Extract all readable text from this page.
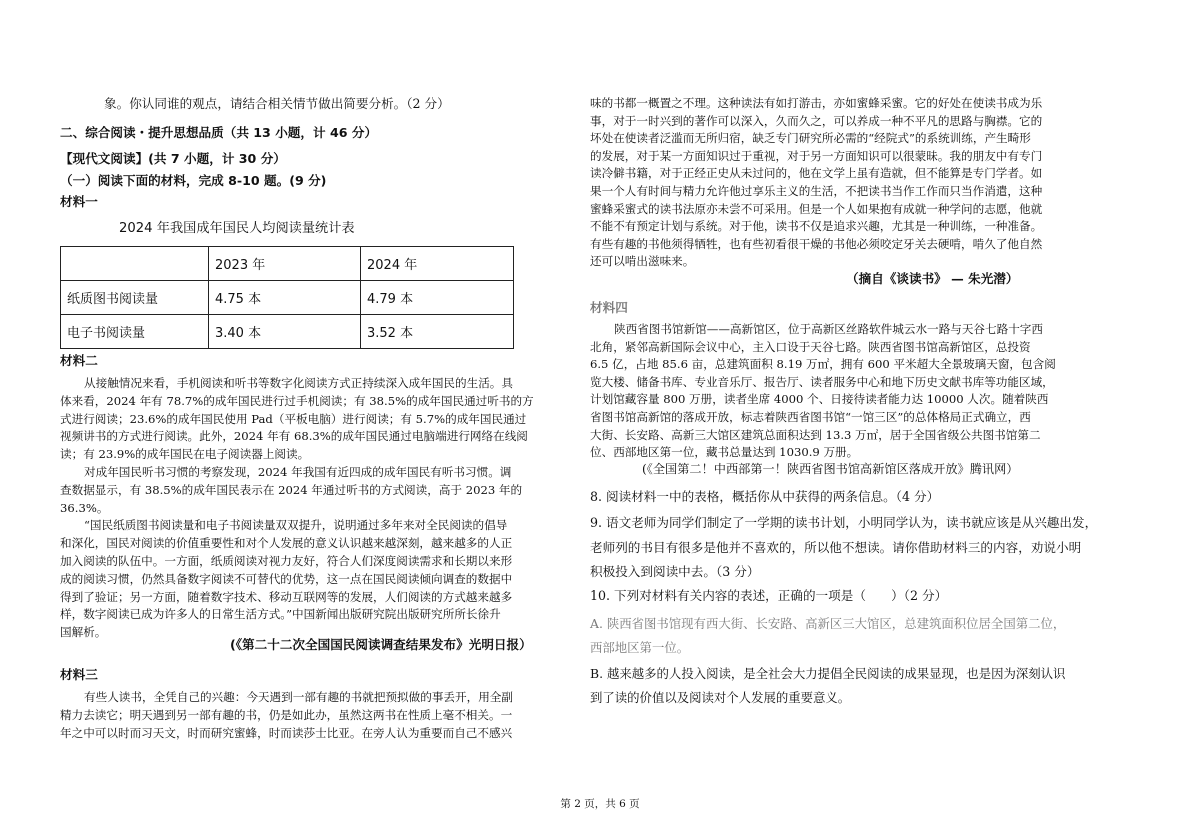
象。你认同谁的观点，请结合相关情节做出简要分析。（2 分）
二、综合阅读・提升思想品质（共 13 小题，计 46 分）
【现代文阅读】(共 7 小题，计 30 分）
（一）阅读下面的材料，完成 8-10 题。(9 分)
材料一
2024 年我国成年国民人均阅读量统计表
	2023 年	2024 年
纸质图书阅读量	4.75 本	4.79 本
电子书阅读量	3.40 本	3.52 本
材料二
从接触情况来看，手机阅读和听书等数字化阅读方式正持续深入成年国民的生活。具
体来看，2024 年有 78.7%的成年国民进行过手机阅读；有 38.5%的成年国民通过听书的方
式进行阅读；23.6%的成年国民使用 Pad（平板电脑）进行阅读；有 5.7%的成年国民通过
视频讲书的方式进行阅读。此外，2024 年有 68.3%的成年国民通过电脑端进行网络在线阅
读；有 23.9%的成年国民在电子阅读器上阅读。
对成年国民听书习惯的考察发现，2024 年我国有近四成的成年国民有听书习惯。调
查数据显示，有 38.5%的成年国民表示在 2024 年通过听书的方式阅读，高于 2023 年的
36.3%。
“国民纸质图书阅读量和电子书阅读量双双提升，说明通过多年来对全民阅读的倡导
和深化，国民对阅读的价值重要性和对个人发展的意义认识越来越深刻，越来越多的人正
加入阅读的队伍中。一方面，纸质阅读对视力友好，符合人们深度阅读需求和长期以来形
成的阅读习惯，仍然具备数字阅读不可替代的优势，这一点在国民阅读倾向调查的数据中
得到了验证；另一方面，随着数字技术、移动互联网等的发展，人们阅读的方式越来越多
样，数字阅读已成为许多人的日常生活方式。”中国新闻出版研究院出版研究所所长徐升
国解析。
(《第二十二次全国国民阅读调查结果发布》光明日报）
材料三
有些人读书，全凭自己的兴趣：今天遇到一部有趣的书就把预拟做的事丢开，用全副
精力去读它；明天遇到另一部有趣的书，仍是如此办，虽然这两书在性质上毫不相关。一
年之中可以时而习天文，时而研究蜜蜂，时而读莎士比亚。在旁人认为重要而自己不感兴
味的书都一概置之不理。这种读法有如打游击，亦如蜜蜂采蜜。它的好处在使读书成为乐
事，对于一时兴到的著作可以深入，久而久之，可以养成一种不平凡的思路与胸襟。它的
坏处在使读者泛滥而无所归宿，缺乏专门研究所必需的“经院式”的系统训练，产生畸形
的发展，对于某一方面知识过于重视，对于另一方面知识可以很蒙昧。我的朋友中有专门
读冷僻书籍，对于正经正史从未过问的，他在文学上虽有造就，但不能算是专门学者。如
果一个人有时间与精力允许他过享乐主义的生活，不把读书当作工作而只当作消遣，这种
蜜蜂采蜜式的读书法原亦未尝不可采用。但是一个人如果抱有成就一种学问的志愿，他就
不能不有预定计划与系统。对于他，读书不仅是追求兴趣，尤其是一种训练，一种准备。
有些有趣的书他须得牺牲，也有些初看很干燥的书他必须咬定牙关去硬啃，啃久了他自然
还可以啃出滋味来。
（摘自《谈读书》 — 朱光潜）
材料四
陕西省图书馆新馆——高新馆区，位于高新区丝路软件城云水一路与天谷七路十字西
北角，紧邻高新国际会议中心，主入口设于天谷七路。陕西省图书馆高新馆区，总投资
6.5 亿，占地 85.6 亩，总建筑面积 8.19 万㎡，拥有 600 平米超大全景玻璃天窗，包含阅
览大楼、储备书库、专业音乐厅、报告厅、读者服务中心和地下历史文献书库等功能区域，
计划馆藏容量 800 万册，读者坐席 4000 个、日接待读者能力达 10000 人次。随着陕西
省图书馆高新馆的落成开放，标志着陕西省图书馆“一馆三区”的总体格局正式确立，西
大街、长安路、高新三大馆区建筑总面积达到 13.3 万㎡，居于全国省级公共图书馆第二
位、西部地区第一位，藏书总量达到 1030.9 万册。
(《全国第二！中西部第一！陕西省图书馆高新馆区落成开放》腾讯网）
8. 阅读材料一中的表格，概括你从中获得的两条信息。（4 分）
9. 语文老师为同学们制定了一学期的读书计划，小明同学认为，读书就应该是从兴趣出发，
老师列的书目有很多是他并不喜欢的，所以他不想读。请你借助材料三的内容，劝说小明
积极投入到阅读中去。（3 分）
10. 下列对材料有关内容的表述，正确的一项是（　　）（2 分）
A. 陕西省图书馆现有西大街、长安路、高新区三大馆区，总建筑面积位居全国第二位，
西部地区第一位。
B. 越来越多的人投入阅读，是全社会大力提倡全民阅读的成果显现，也是因为深刻认识
到了读的价值以及阅读对个人发展的重要意义。
第 2 页，共 6 页
